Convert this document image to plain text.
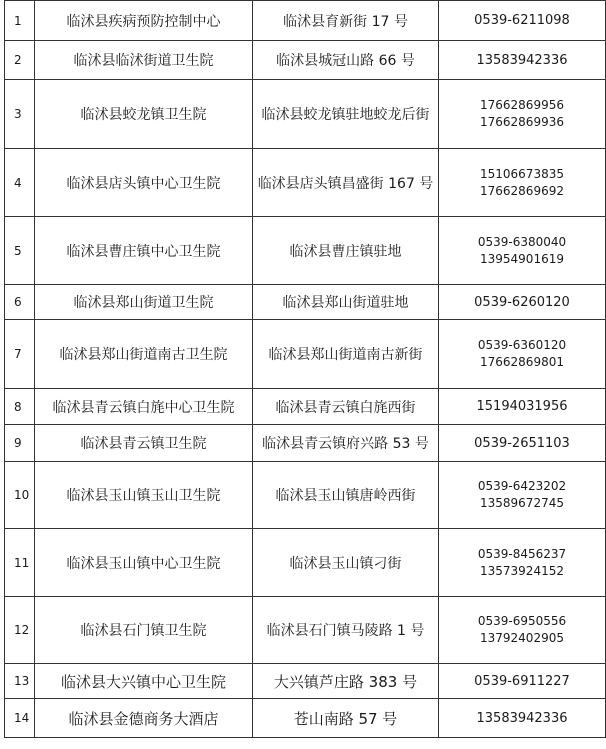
1	临沭县疾病预防控制中心	临沭县育新街 17 号	0539-6211098

2	临沭县临沭街道卫生院	临沭县城冠山路 66 号	13583942336

3	临沭县蛟龙镇卫生院	临沭县蛟龙镇驻地蛟龙后街	17662869956
17662869936

4	临沭县店头镇中心卫生院	临沭县店头镇昌盛街 167 号	15106673835
17662869692

5	临沭县曹庄镇中心卫生院	临沭县曹庄镇驻地	0539-6380040
13954901619

6	临沭县郑山街道卫生院	临沭县郑山街道驻地	0539-6260120

7	临沭县郑山街道南古卫生院	临沭县郑山街道南古新街	0539-6360120
17662869801

8	临沭县青云镇白旄中心卫生院	临沭县青云镇白旄西街	15194031956

9	临沭县青云镇卫生院	临沭县青云镇府兴路 53 号	0539-2651103

10	临沭县玉山镇玉山卫生院	临沭县玉山镇唐岭西街	0539-6423202
13589672745

11	临沭县玉山镇中心卫生院	临沭县玉山镇刁街	0539-8456237
13573924152

12	临沭县石门镇卫生院	临沭县石门镇马陵路 1 号	0539-6950556
13792402905

13	临沭县大兴镇中心卫生院	大兴镇芦庄路 383 号	0539-6911227

14	临沭县金德商务大酒店	苍山南路 57 号	13583942336
